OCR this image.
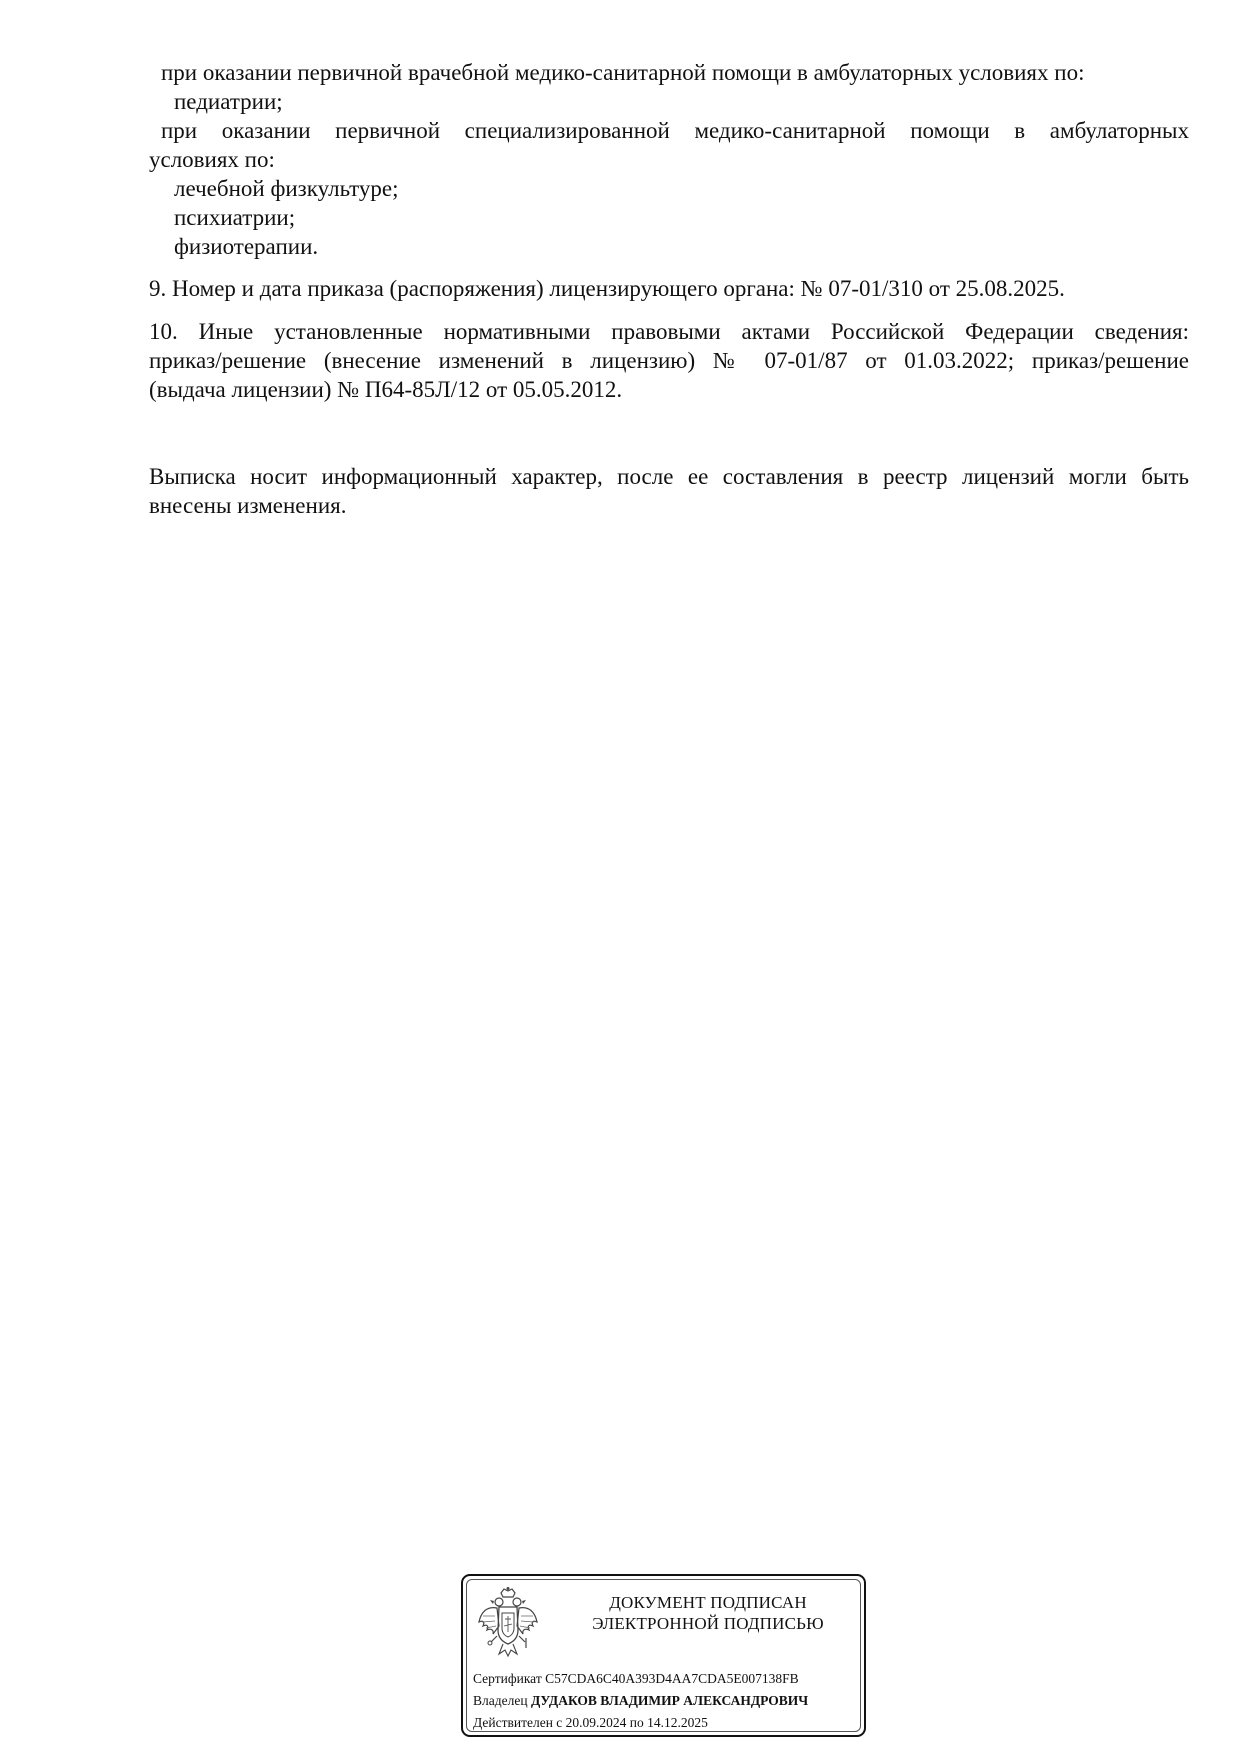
при оказании первичной врачебной медико-санитарной помощи в амбулаторных условиях по:
педиатрии;
при оказании первичной специализированной медико-санитарной помощи в амбулаторных
условиях по:
лечебной физкультуре;
психиатрии;
физиотерапии.
9. Номер и дата приказа (распоряжения) лицензирующего органа: № 07-01/310 от 25.08.2025.
10. Иные установленные нормативными правовыми актами Российской Федерации сведения:
приказ/решение (внесение изменений в лицензию) № 07-01/87 от 01.03.2022; приказ/решение
(выдача лицензии) № П64-85Л/12 от 05.05.2012.
Выписка носит информационный характер, после ее составления в реестр лицензий могли быть
внесены изменения.
ДОКУМЕНТ ПОДПИСАН
ЭЛЕКТРОННОЙ ПОДПИСЬЮ
Сертификат C57CDA6C40A393D4AA7CDA5E007138FB
Владелец ДУДАКОВ ВЛАДИМИР АЛЕКСАНДРОВИЧ
Действителен с 20.09.2024 по 14.12.2025
